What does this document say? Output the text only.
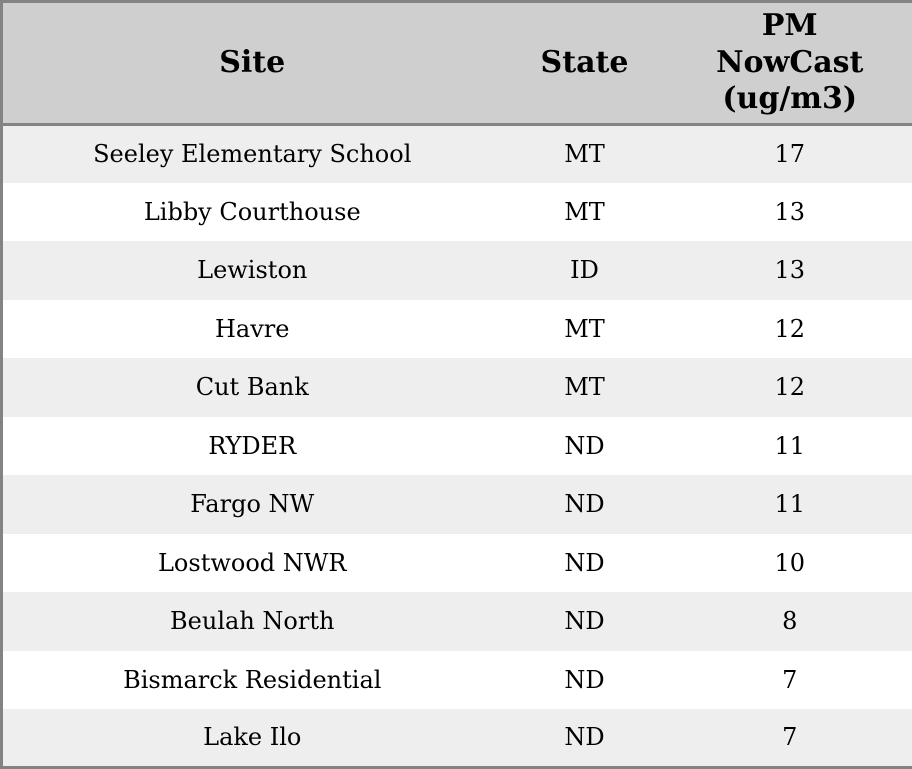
Site	State	PM NowCast (ug/m3)
Seeley Elementary School	MT	17
Libby Courthouse	MT	13
Lewiston	ID	13
Havre	MT	12
Cut Bank	MT	12
RYDER	ND	11
Fargo NW	ND	11
Lostwood NWR	ND	10
Beulah North	ND	8
Bismarck Residential	ND	7
Lake Ilo	ND	7
